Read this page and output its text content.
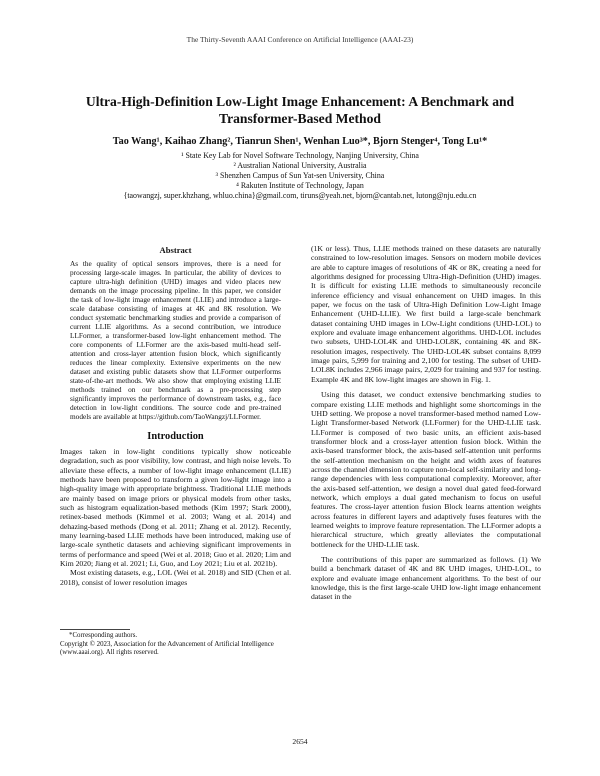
The Thirty-Seventh AAAI Conference on Artificial Intelligence (AAAI-23)
Ultra-High-Definition Low-Light Image Enhancement: A Benchmark and
Transformer-Based Method
Tao Wang¹, Kaihao Zhang², Tianrun Shen¹, Wenhan Luo³*, Bjorn Stenger⁴, Tong Lu¹*
¹ State Key Lab for Novel Software Technology, Nanjing University, China
² Australian National University, Australia
³ Shenzhen Campus of Sun Yat-sen University, China
⁴ Rakuten Institute of Technology, Japan
{taowangzj, super.khzhang, whluo.china}@gmail.com, tiruns@yeah.net, bjorn@cantab.net, lutong@nju.edu.cn
Abstract

As the quality of optical sensors improves, there is a need for processing large-scale images. In particular, the ability of devices to capture ultra-high definition (UHD) images and video places new demands on the image processing pipeline. In this paper, we consider the task of low-light image enhancement (LLIE) and introduce a large-scale database consisting of images at 4K and 8K resolution. We conduct systematic benchmarking studies and provide a comparison of current LLIE algorithms. As a second contribution, we introduce LLFormer, a transformer-based low-light enhancement method. The core components of LLFormer are the axis-based multi-head self-attention and cross-layer attention fusion block, which significantly reduces the linear complexity. Extensive experiments on the new dataset and existing public datasets show that LLFormer outperforms state-of-the-art methods. We also show that employing existing LLIE methods trained on our benchmark as a pre-processing step significantly improves the performance of downstream tasks, e.g., face detection in low-light conditions. The source code and pre-trained models are available at https://github.com/TaoWangzj/LLFormer.

Introduction

Images taken in low-light conditions typically show noticeable degradation, such as poor visibility, low contrast, and high noise levels. To alleviate these effects, a number of low-light image enhancement (LLIE) methods have been proposed to transform a given low-light image into a high-quality image with appropriate brightness. Traditional LLIE methods are mainly based on image priors or physical models from other tasks, such as histogram equalization-based methods (Kim 1997; Stark 2000), retinex-based methods (Kimmel et al. 2003; Wang et al. 2014) and dehazing-based methods (Dong et al. 2011; Zhang et al. 2012). Recently, many learning-based LLIE methods have been introduced, making use of large-scale synthetic datasets and achieving significant improvements in terms of performance and speed (Wei et al. 2018; Guo et al. 2020; Lim and Kim 2020; Jiang et al. 2021; Li, Guo, and Loy 2021; Liu et al. 2021b).

Most existing datasets, e.g., LOL (Wei et al. 2018) and SID (Chen et al. 2018), consist of lower resolution images

*Corresponding authors.
Copyright © 2023, Association for the Advancement of Artificial Intelligence (www.aaai.org). All rights reserved.

(1K or less). Thus, LLIE methods trained on these datasets are naturally constrained to low-resolution images. Sensors on modern mobile devices are able to capture images of resolutions of 4K or 8K, creating a need for algorithms designed for processing Ultra-High-Definition (UHD) images. It is difficult for existing LLIE methods to simultaneously reconcile inference efficiency and visual enhancement on UHD images. In this paper, we focus on the task of Ultra-High Definition Low-Light Image Enhancement (UHD-LLIE). We first build a large-scale benchmark dataset containing UHD images in LOw-Light conditions (UHD-LOL) to explore and evaluate image enhancement algorithms. UHD-LOL includes two subsets, UHD-LOL4K and UHD-LOL8K, containing 4K and 8K-resolution images, respectively. The UHD-LOL4K subset contains 8,099 image pairs, 5,999 for training and 2,100 for testing. The subset of UHD-LOL8K includes 2,966 image pairs, 2,029 for training and 937 for testing. Example 4K and 8K low-light images are shown in Fig. 1.

Using this dataset, we conduct extensive benchmarking studies to compare existing LLIE methods and highlight some shortcomings in the UHD setting. We propose a novel transformer-based method named Low-Light Transformer-based Network (LLFormer) for the UHD-LLIE task. LLFormer is composed of two basic units, an efficient axis-based transformer block and a cross-layer attention fusion block. Within the axis-based transformer block, the axis-based self-attention unit performs the self-attention mechanism on the height and width axes of features across the channel dimension to capture non-local self-similarity and long-range dependencies with less computational complexity. Moreover, after the axis-based self-attention, we design a novel dual gated feed-forward network, which employs a dual gated mechanism to focus on useful features. The cross-layer attention fusion Block learns attention weights across features in different layers and adaptively fuses features with the learned weights to improve feature representation. The LLFormer adopts a hierarchical structure, which greatly alleviates the computational bottleneck for the UHD-LLIE task.

The contributions of this paper are summarized as follows. (1) We build a benchmark dataset of 4K and 8K UHD images, UHD-LOL, to explore and evaluate image enhancement algorithms. To the best of our knowledge, this is the first large-scale UHD low-light image enhancement dataset in the

2654
